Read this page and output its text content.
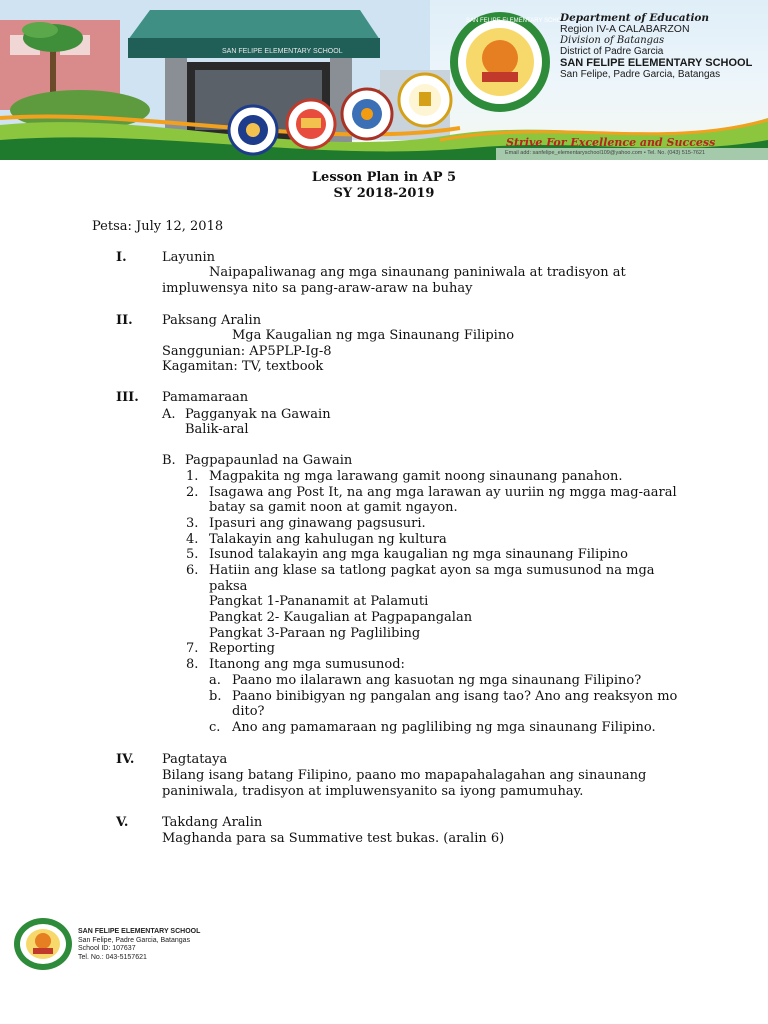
SAN FELIPE ELEMENTARY SCHOOL
SAN FELIPE ELEMENTARY SCHOOL
Department of Education
Region IV-A CALABARZON
Division of Batangas
District of Padre Garcia
SAN FELIPE ELEMENTARY SCHOOL
San Felipe, Padre Garcia, Batangas
Strive For Excellence and Success
Email add: sanfelipe_elementaryschool109@yahoo.com • Tel. No. (043) 515-7621
Lesson Plan in AP 5
SY 2018-2019
Petsa: July 12, 2018
I.	Layunin
Naipapaliwanag ang mga sinaunang paniniwala at tradisyon at
impluwensya nito sa pang-araw-araw na buhay
II. Paksang Aralin
Mga Kaugalian ng mga Sinaunang Filipino
Sanggunian: AP5PLP-Ig-8
Kagamitan: TV, textbook
III. Pamamaraan
A. Pagganyak na Gawain
Balik-aral
B. Pagpapaunlad na Gawain
1. Magpakita ng mga larawang gamit noong sinaunang panahon.
2. Isagawa ang Post It, na ang mga larawan ay uuriin ng mgga mag-aaral
batay sa gamit noon at gamit ngayon.
3. Ipasuri ang ginawang pagsusuri.
4. Talakayin ang kahulugan ng kultura
5. Isunod talakayin ang mga kaugalian ng mga sinaunang Filipino
6. Hatiin ang klase sa tatlong pagkat ayon sa mga sumusunod na mga
paksa
Pangkat 1-Pananamit at Palamuti
Pangkat 2- Kaugalian at Pagpapangalan
Pangkat 3-Paraan ng Paglilibing
7. Reporting
8. Itanong ang mga sumusunod:
a. Paano mo ilalarawn ang kasuotan ng mga sinaunang Filipino?
b. Paano binibigyan ng pangalan ang isang tao? Ano ang reaksyon mo
dito?
c. Ano ang pamamaraan ng paglilibing ng mga sinaunang Filipino.
IV. Pagtataya
Bilang isang batang Filipino, paano mo mapapahalagahan ang sinaunang
paniniwala, tradisyon at impluwensyanito sa iyong pamumuhay.
V.	Takdang Aralin
Maghanda para sa Summative test bukas. (aralin 6)
SAN FELIPE ELEMENTARY SCHOOL
San Felipe, Padre Garcia, Batangas
School ID: 107637
Tel. No.: 043-5157621
